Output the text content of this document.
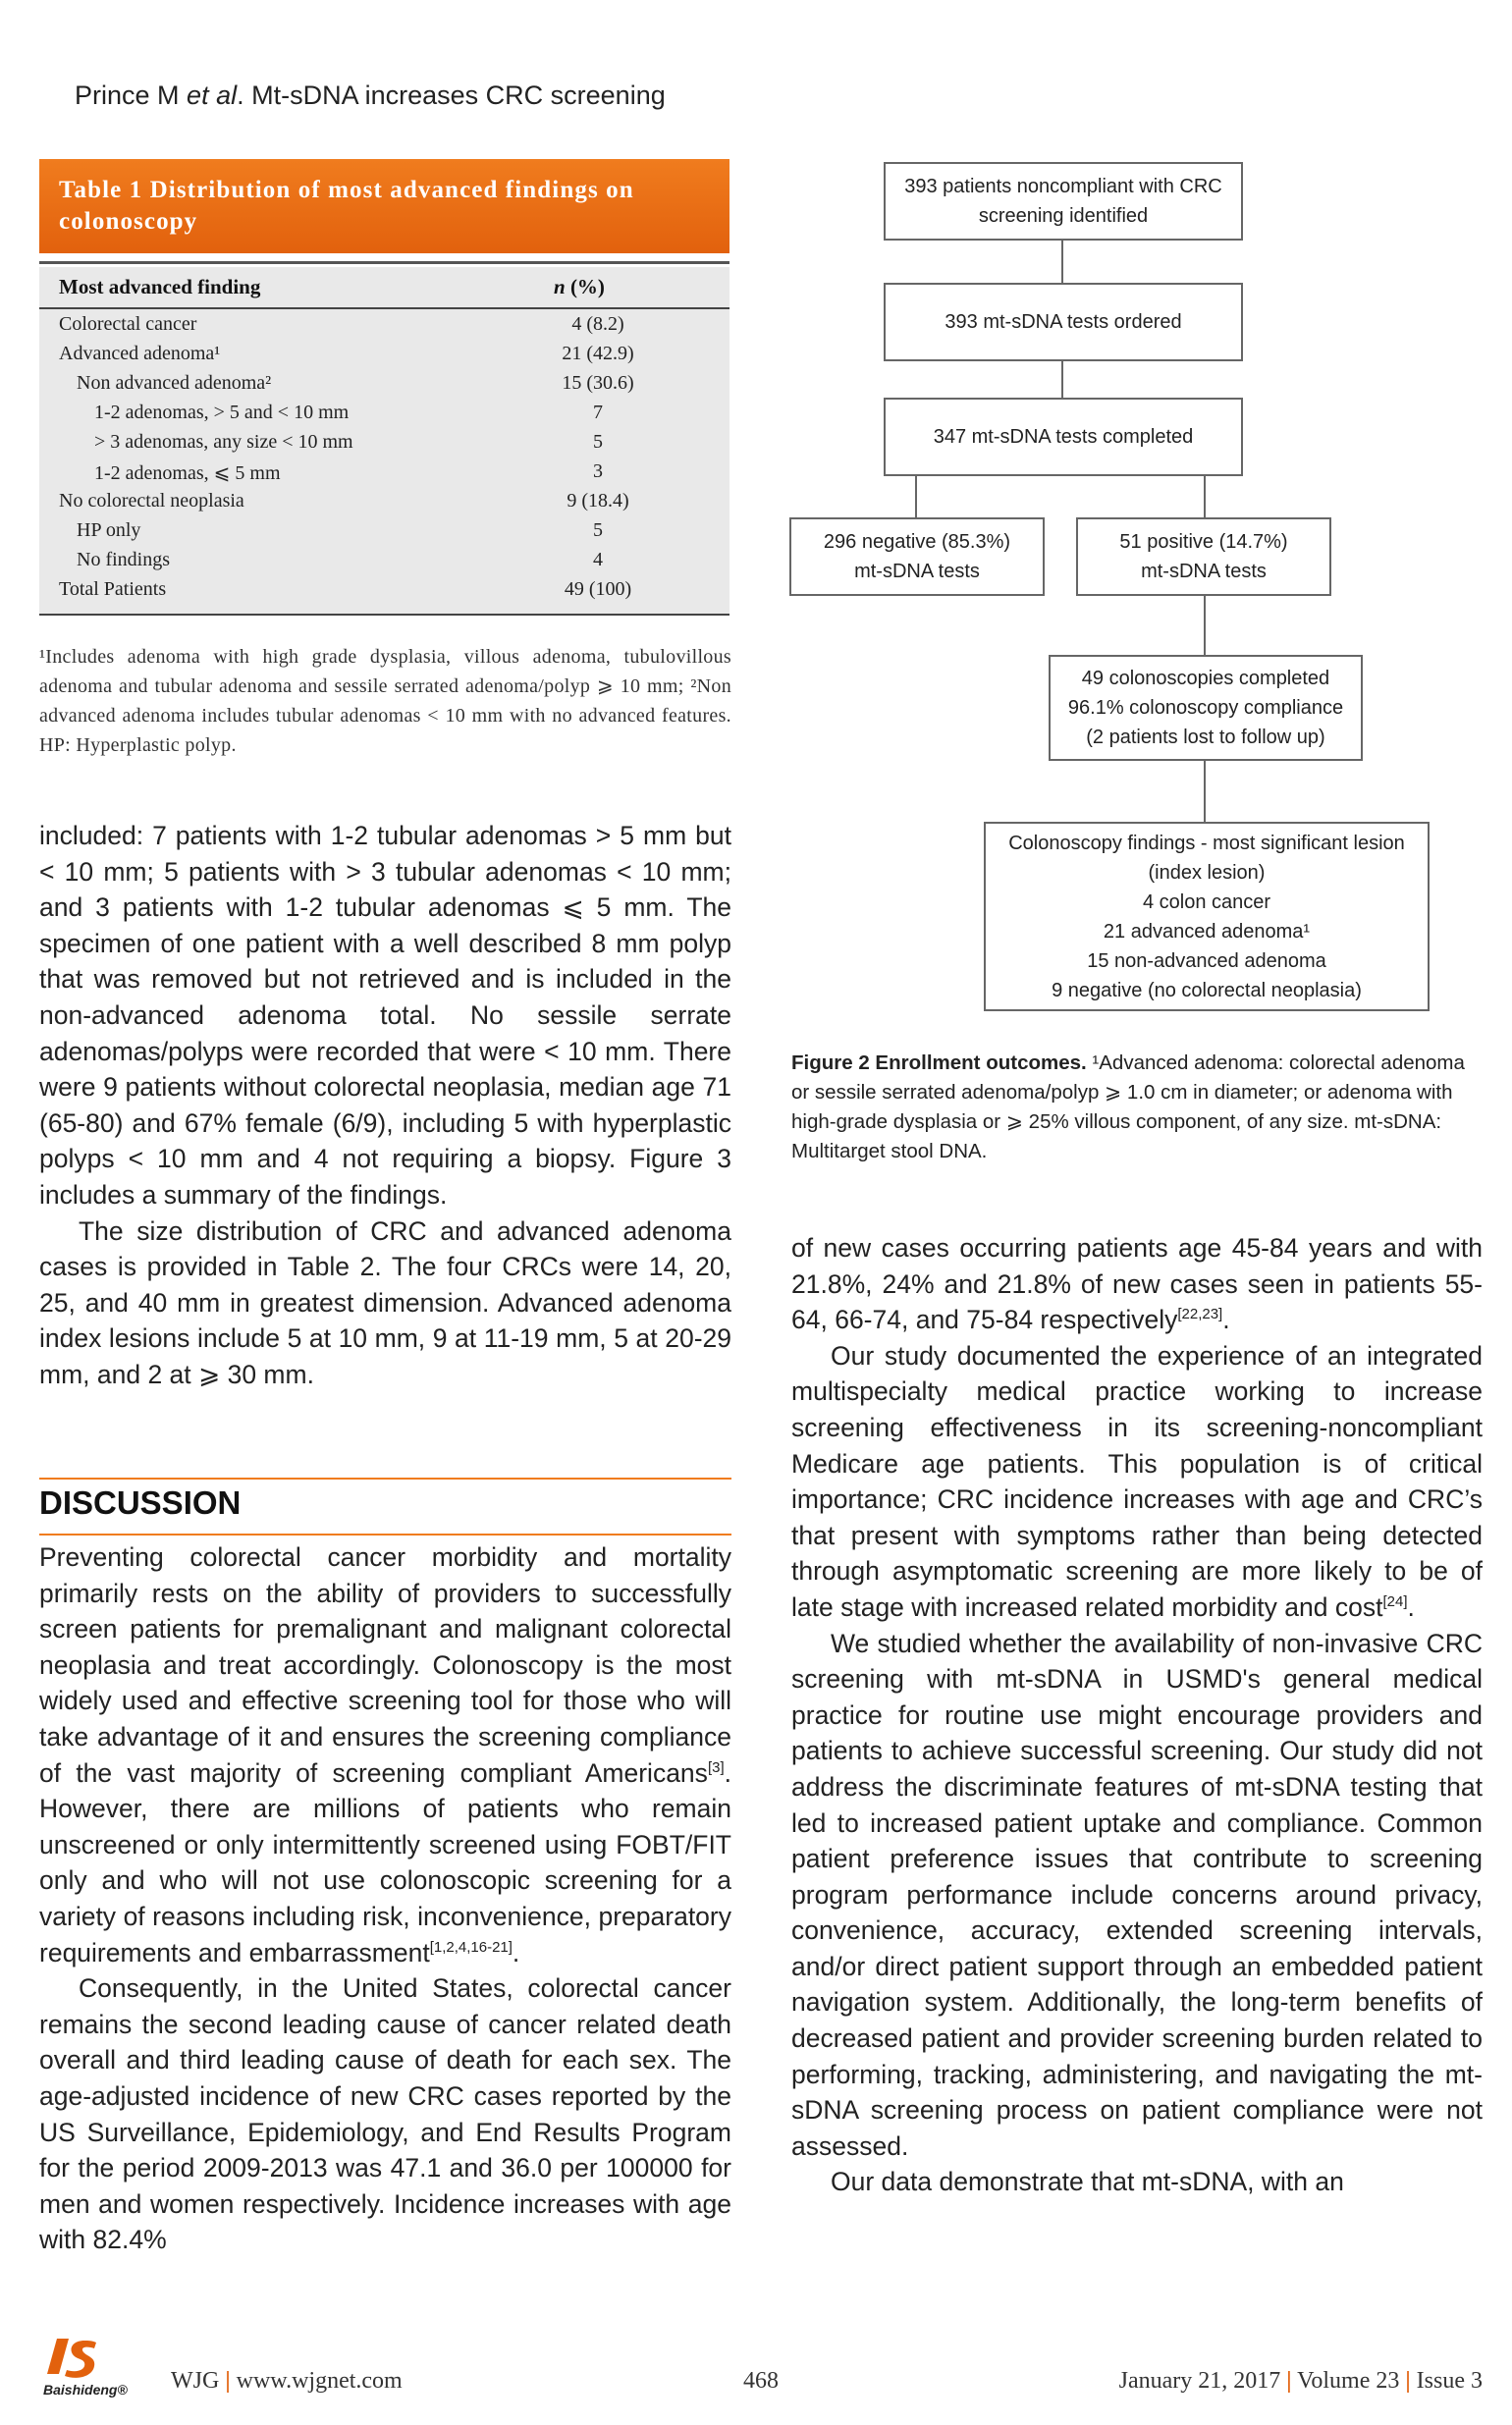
Prince M et al. Mt-sDNA increases CRC screening
Table 1 Distribution of most advanced findings on colonoscopy
Most advanced finding	n (%)
Colorectal cancer	4 (8.2)
Advanced adenoma¹	21 (42.9)
Non advanced adenoma²	15 (30.6)
1-2 adenomas, > 5 and < 10 mm	7
> 3 adenomas, any size < 10 mm	5
1-2 adenomas, ⩽ 5 mm	3
No colorectal neoplasia	9 (18.4)
HP only	5
No findings	4
Total Patients	49 (100)
¹Includes adenoma with high grade dysplasia, villous adenoma, tubulovillous adenoma and tubular adenoma and sessile serrated adenoma/polyp ⩾ 10 mm; ²Non advanced adenoma includes tubular adenomas < 10 mm with no advanced features. HP: Hyperplastic polyp.
393 patients noncompliant with CRC
screening identified
393 mt-sDNA tests ordered
347 mt-sDNA tests completed
296 negative (85.3%)
mt-sDNA tests
51 positive (14.7%)
mt-sDNA tests
49 colonoscopies completed
96.1% colonoscopy compliance
(2 patients lost to follow up)
Colonoscopy findings - most significant lesion
(index lesion)
4 colon cancer
21 advanced adenoma¹
15 non-advanced adenoma
9 negative (no colorectal neoplasia)
Figure 2 Enrollment outcomes. ¹Advanced adenoma: colorectal adenoma or sessile serrated adenoma/polyp ⩾ 1.0 cm in diameter; or adenoma with high-grade dysplasia or ⩾ 25% villous component, of any size. mt-sDNA: Multitarget stool DNA.

included: 7 patients with 1-2 tubular adenomas > 5 mm but < 10 mm; 5 patients with > 3 tubular adenomas < 10 mm; and 3 patients with 1-2 tubular adenomas ⩽ 5 mm. The specimen of one patient with a well described 8 mm polyp that was removed but not retrieved and is included in the non-advanced adenoma total. No sessile serrate adenomas/polyps were recorded that were < 10 mm. There were 9 patients without colorectal neoplasia, median age 71 (65-80) and 67% female (6/9), including 5 with hyperplastic polyps < 10 mm and 4 not requiring a biopsy. Figure 3 includes a summary of the findings.

The size distribution of CRC and advanced adenoma cases is provided in Table 2. The four CRCs were 14, 20, 25, and 40 mm in greatest dimension. Advanced adenoma index lesions include 5 at 10 mm, 9 at 11-19 mm, 5 at 20-29 mm, and 2 at ⩾ 30 mm.

DISCUSSION

Preventing colorectal cancer morbidity and mortality primarily rests on the ability of providers to successfully screen patients for premalignant and malignant colorectal neoplasia and treat accordingly. Colonoscopy is the most widely used and effective screening tool for those who will take advantage of it and ensures the screening compliance of the vast majority of screening compliant Americans[3]. However, there are millions of patients who remain unscreened or only intermittently screened using FOBT/FIT only and who will not use colonoscopic screening for a variety of reasons including risk, inconvenience, preparatory requirements and embarrassment[1,2,4,16-21].

Consequently, in the United States, colorectal cancer remains the second leading cause of cancer related death overall and third leading cause of death for each sex. The age-adjusted incidence of new CRC cases reported by the US Surveillance, Epidemiology, and End Results Program for the period 2009-2013 was 47.1 and 36.0 per 100000 for men and women respectively. Incidence increases with age with 82.4%

of new cases occurring patients age 45-84 years and with 21.8%, 24% and 21.8% of new cases seen in patients 55-64, 66-74, and 75-84 respectively[22,23].

Our study documented the experience of an integrated multispecialty medical practice working to increase screening effectiveness in its screening-noncompliant Medicare age patients. This population is of critical importance; CRC incidence increases with age and CRC’s that present with symptoms rather than being detected through asymptomatic screening are more likely to be of late stage with increased related morbidity and cost[24].

We studied whether the availability of non-invasive CRC screening with mt-sDNA in USMD's general medical practice for routine use might encourage providers and patients to achieve successful screening. Our study did not address the discriminate features of mt-sDNA testing that led to increased patient uptake and compliance. Common patient preference issues that contribute to screening program performance include concerns around privacy, convenience, accuracy, extended screening intervals, and/or direct patient support through an embedded patient navigation system. Additionally, the long-term benefits of decreased patient and provider screening burden related to performing, tracking, administering, and navigating the mt-sDNA screening process on patient compliance were not assessed.

Our data demonstrate that mt-sDNA, with an

Baishideng® WJG | www.wjgnet.com	468	January 21, 2017 | Volume 23 | Issue 3
